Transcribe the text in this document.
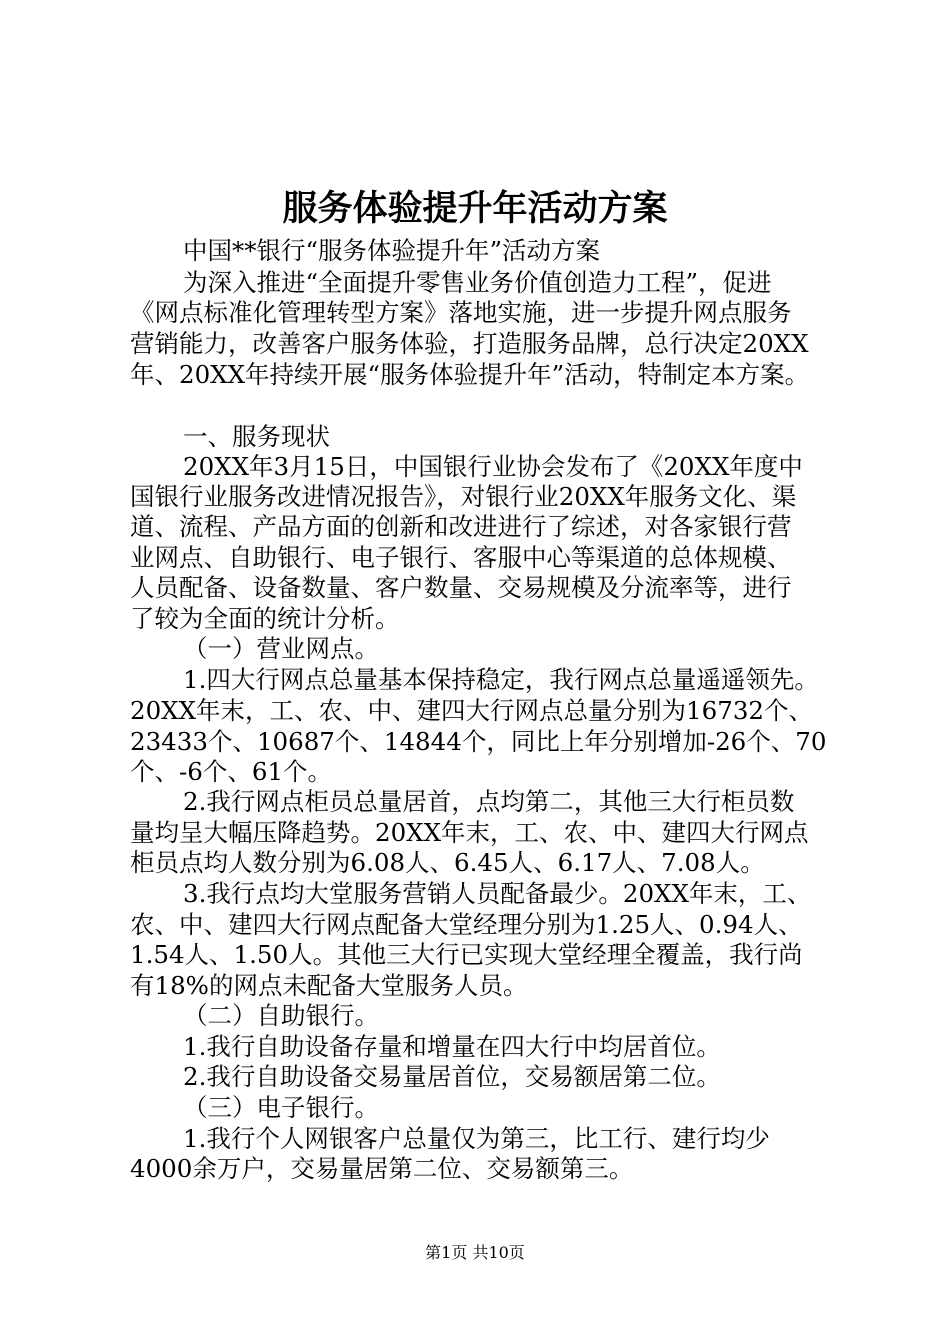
服务体验提升年活动方案
中国**银行“服务体验提升年”活动方案
为深入推进“全面提升零售业务价值创造力工程”，促进
《网点标准化管理转型方案》落地实施，进一步提升网点服务
营销能力，改善客户服务体验，打造服务品牌，总行决定20XX
年、20XX年持续开展“服务体验提升年”活动，特制定本方案。
一、服务现状
20XX年3月15日，中国银行业协会发布了《20XX年度中
国银行业服务改进情况报告》，对银行业20XX年服务文化、渠
道、流程、产品方面的创新和改进进行了综述，对各家银行营
业网点、自助银行、电子银行、客服中心等渠道的总体规模、
人员配备、设备数量、客户数量、交易规模及分流率等，进行
了较为全面的统计分析。
（一）营业网点。
1.四大行网点总量基本保持稳定，我行网点总量遥遥领先。
20XX年末，工、农、中、建四大行网点总量分别为16732个、
23433个、10687个、14844个，同比上年分别增加-26个、70
个、-6个、61个。
2.我行网点柜员总量居首，点均第二，其他三大行柜员数
量均呈大幅压降趋势。20XX年末，工、农、中、建四大行网点
柜员点均人数分别为6.08人、6.45人、6.17人、7.08人。
3.我行点均大堂服务营销人员配备最少。20XX年末，工、
农、中、建四大行网点配备大堂经理分别为1.25人、0.94人、
1.54人、1.50人。其他三大行已实现大堂经理全覆盖，我行尚
有18%的网点未配备大堂服务人员。
（二）自助银行。
1.我行自助设备存量和增量在四大行中均居首位。
2.我行自助设备交易量居首位，交易额居第二位。
（三）电子银行。
1.我行个人网银客户总量仅为第三，比工行、建行均少
4000余万户，交易量居第二位、交易额第三。
第1页 共10页
